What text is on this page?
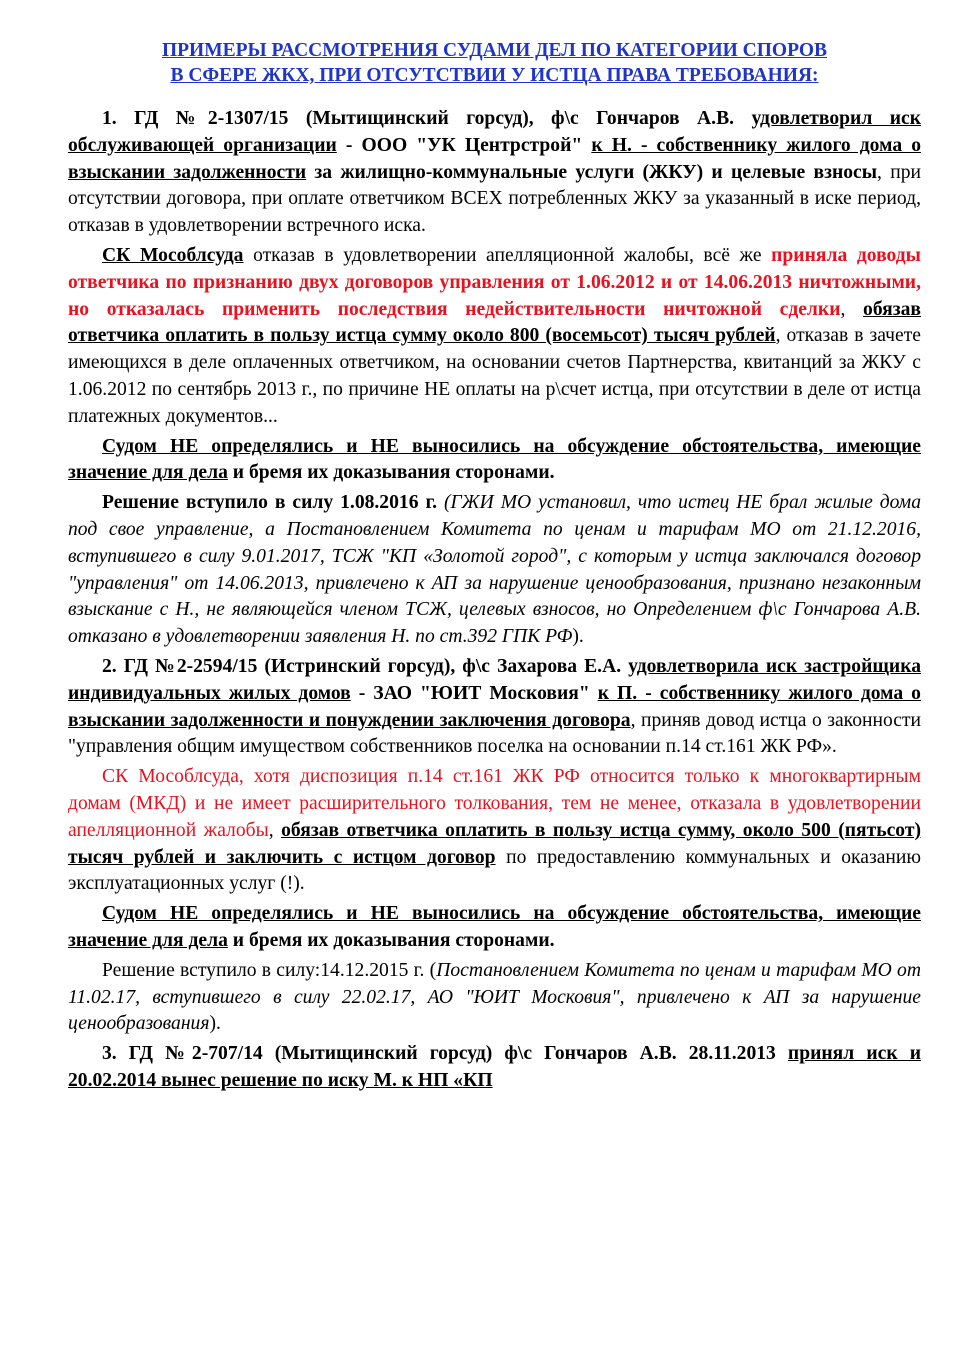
ПРИМЕРЫ РАССМОТРЕНИЯ СУДАМИ ДЕЛ ПО КАТЕГОРИИ СПОРОВ
В СФЕРЕ ЖКХ, ПРИ ОТСУТСТВИИ У ИСТЦА ПРАВА ТРЕБОВАНИЯ:

1. ГД №2-1307/15 (Мытищинский горсуд), ф\с Гончаров А.В. удовлетворил иск обслуживающей организации - ООО "УК Центрстрой" к Н. - собственнику жилого дома о взыскании задолженности за жилищно-коммунальные услуги (ЖКУ) и целевые взносы, при отсутствии договора, при оплате ответчиком ВСЕХ потребленных ЖКУ за указанный в иске период, отказав в удовлетворении встречного иска.

СК Мособлсуда отказав в удовлетворении апелляционной жалобы, всё же приняла доводы ответчика по признанию двух договоров управления от 1.06.2012 и от 14.06.2013 ничтожными, но отказалась применить последствия недействительности ничтожной сделки, обязав ответчика оплатить в пользу истца сумму около 800 (восемьсот) тысяч рублей, отказав в зачете имеющихся в деле оплаченных ответчиком, на основании счетов Партнерства, квитанций за ЖКУ с 1.06.2012 по сентябрь 2013 г., по причине НЕ оплаты на р\счет истца, при отсутствии в деле от истца платежных документов...

Судом НЕ определялись и НЕ выносились на обсуждение обстоятельства, имеющие значение для дела и бремя их доказывания сторонами.

Решение вступило в силу 1.08.2016 г. (ГЖИ МО установил, что истец НЕ брал жилые дома под свое управление, а Постановлением Комитета по ценам и тарифам МО от 21.12.2016, вступившего в силу 9.01.2017, ТСЖ "КП «Золотой город", с которым у истца заключался договор "управления" от 14.06.2013, привлечено к АП за нарушение ценообразования, признано незаконным взыскание с Н., не являющейся членом ТСЖ, целевых взносов, но Определением ф\с Гончарова А.В. отказано в удовлетворении заявления Н. по ст.392 ГПК РФ).

2. ГД №2-2594/15 (Истринский горсуд), ф\с Захарова Е.А. удовлетворила иск застройщика индивидуальных жилых домов - ЗАО "ЮИТ Московия" к П. - собственнику жилого дома о взыскании задолженности и понуждении заключения договора, приняв довод истца о законности "управления общим имуществом собственников поселка на основании п.14 ст.161 ЖК РФ».

СК Мособлсуда, хотя диспозиция п.14 ст.161 ЖК РФ относится только к многоквартирным домам (МКД) и не имеет расширительного толкования, тем не менее, отказала в удовлетворении апелляционной жалобы, обязав ответчика оплатить в пользу истца сумму, около 500 (пятьсот) тысяч рублей и заключить с истцом договор по предоставлению коммунальных и оказанию эксплуатационных услуг (!).

Судом НЕ определялись и НЕ выносились на обсуждение обстоятельства, имеющие значение для дела и бремя их доказывания сторонами.

Решение вступило в силу:14.12.2015 г. (Постановлением Комитета по ценам и тарифам МО от 11.02.17, вступившего в силу 22.02.17, АО "ЮИТ Московия", привлечено к АП за нарушение ценообразования).

3. ГД №2-707/14 (Мытищинский горсуд) ф\с Гончаров А.В. 28.11.2013 принял иск и 20.02.2014 вынес решение по иску М. к НП «КП
